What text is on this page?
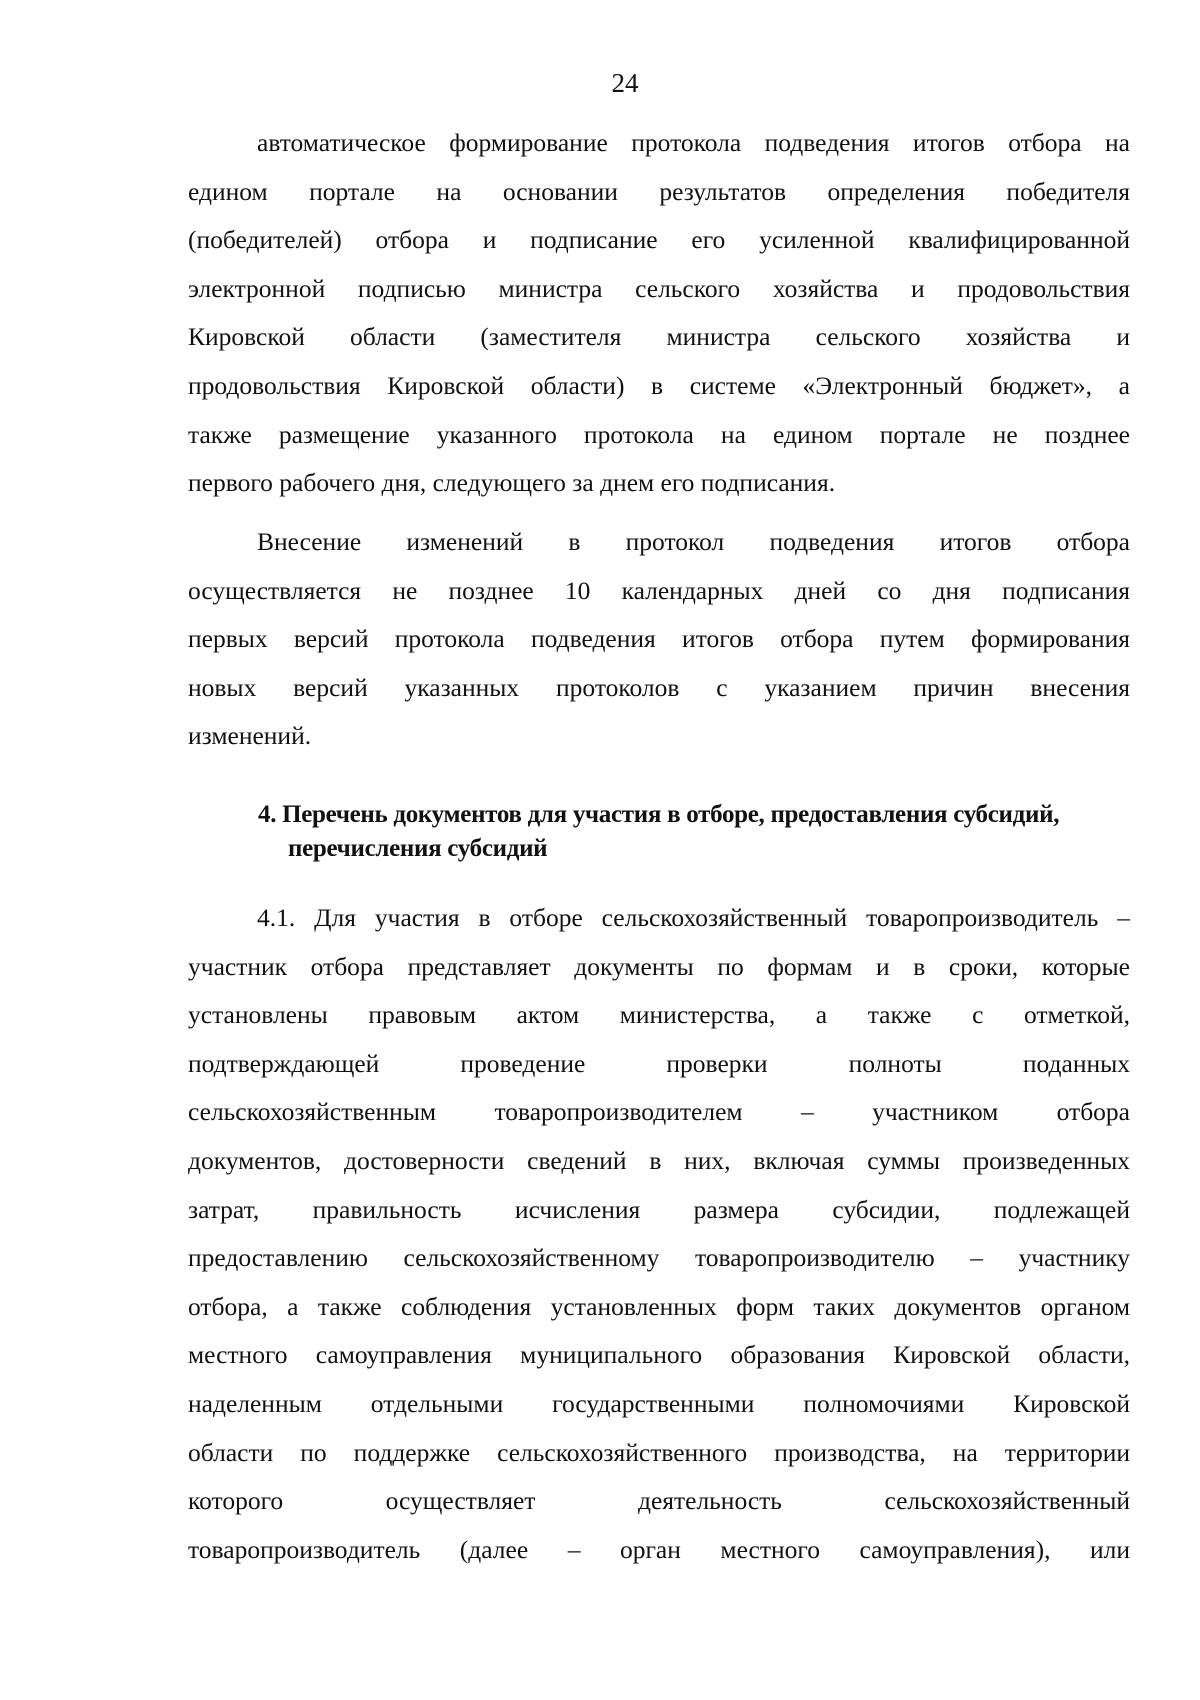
24
автоматическое формирование протокола подведения итогов отбора на
едином портале на основании результатов определения победителя
(победителей) отбора и подписание его усиленной квалифицированной
электронной подписью министра сельского хозяйства и продовольствия
Кировской области (заместителя министра сельского хозяйства и
продовольствия Кировской области) в системе «Электронный бюджет», а
также размещение указанного протокола на едином портале не позднее
первого рабочего дня, следующего за днем его подписания.
Внесение изменений в протокол подведения итогов отбора
осуществляется не позднее 10 календарных дней со дня подписания
первых версий протокола подведения итогов отбора путем формирования
новых версий указанных протоколов с указанием причин внесения
изменений.
4. Перечень документов для участия в отборе, предоставления субсидий,
перечисления субсидий
4.1. Для участия в отборе сельскохозяйственный товаропроизводитель –
участник отбора представляет документы по формам и в сроки, которые
установлены правовым актом министерства, а также с отметкой,
подтверждающей проведение проверки полноты поданных
сельскохозяйственным товаропроизводителем – участником отбора
документов, достоверности сведений в них, включая суммы произведенных
затрат, правильность исчисления размера субсидии, подлежащей
предоставлению сельскохозяйственному товаропроизводителю – участнику
отбора, а также соблюдения установленных форм таких документов органом
местного самоуправления муниципального образования Кировской области,
наделенным отдельными государственными полномочиями Кировской
области по поддержке сельскохозяйственного производства, на территории
которого осуществляет деятельность сельскохозяйственный
товаропроизводитель (далее – орган местного самоуправления), или
